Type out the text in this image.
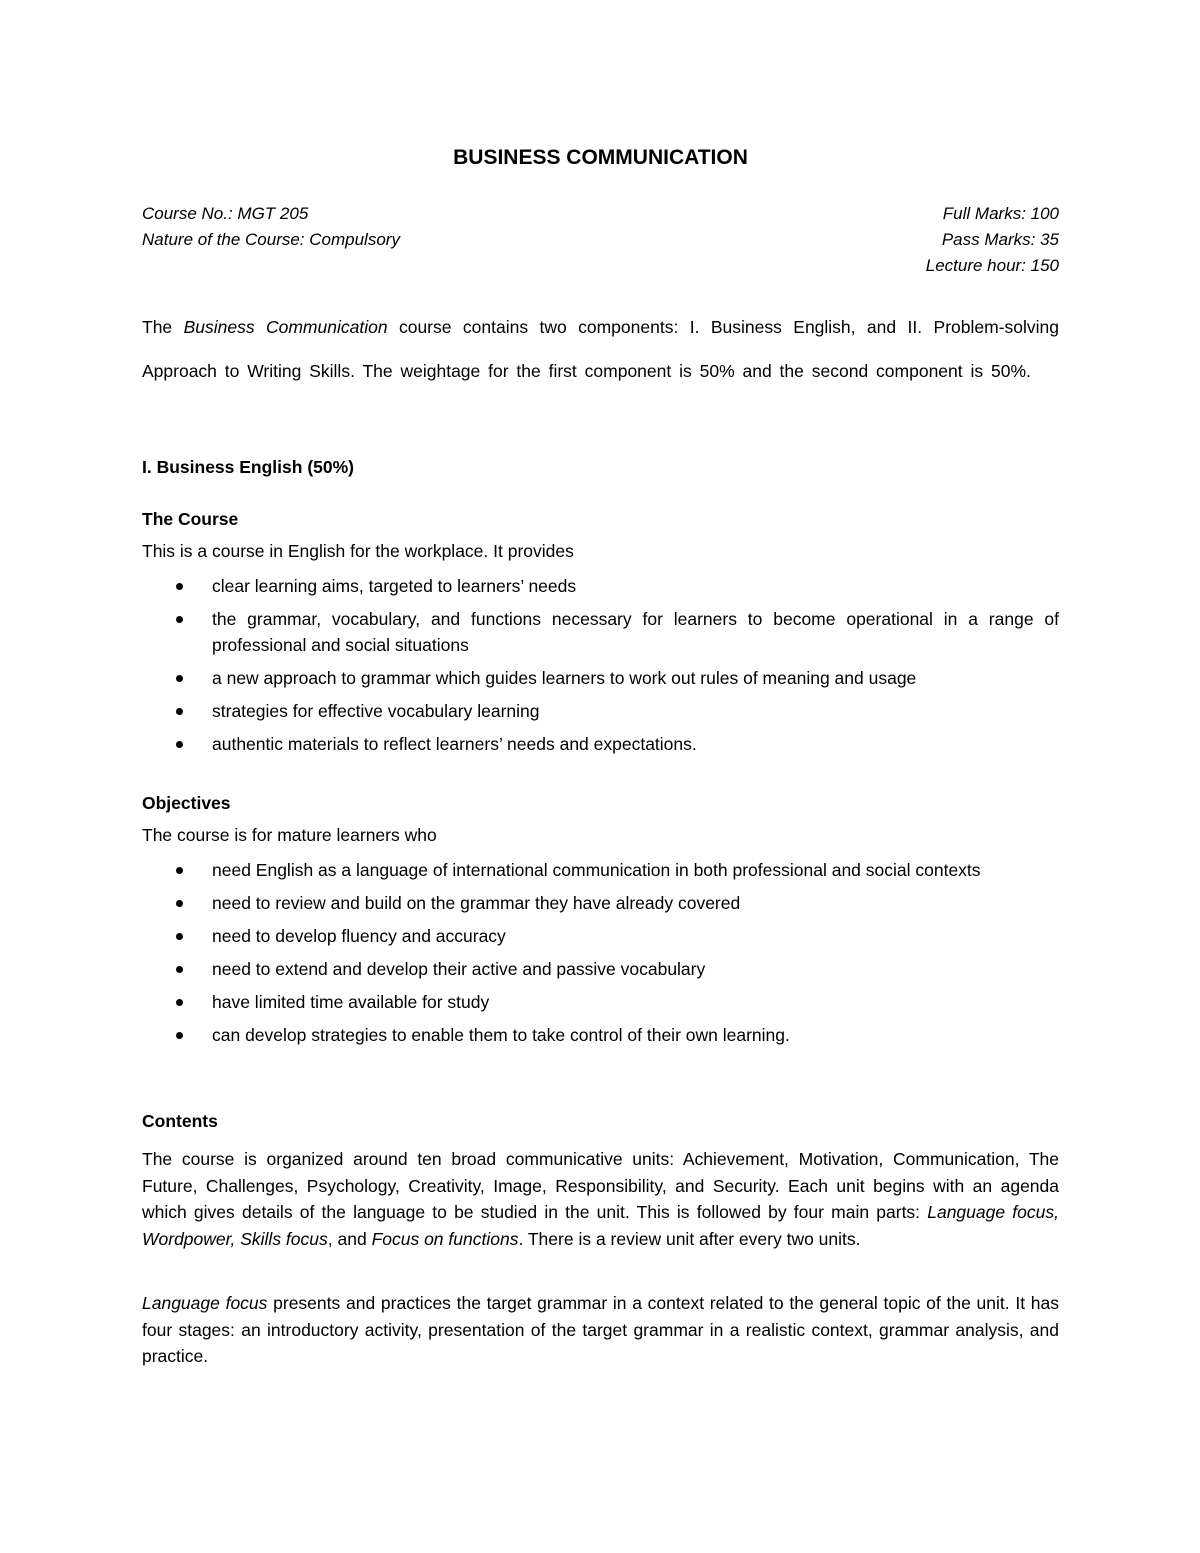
BUSINESS COMMUNICATION
Course No.: MGT 205	Full Marks: 100
Nature of the Course: Compulsory	Pass Marks: 35
Lecture hour: 150
The Business Communication course contains two components: I. Business English, and II. Problem-solving Approach to Writing Skills. The weightage for the first component is 50% and the second component is 50%.
I. Business English (50%)
The Course
This is a course in English for the workplace. It provides
clear learning aims, targeted to learners’ needs
the grammar, vocabulary, and functions necessary for learners to become operational in a range of professional and social situations
a new approach to grammar which guides learners to work out rules of meaning and usage
strategies for effective vocabulary learning
authentic materials to reflect learners’ needs and expectations.
Objectives
The course is for mature learners who
need English as a language of international communication in both professional and social contexts
need to review and build on the grammar they have already covered
need to develop fluency and accuracy
need to extend and develop their active and passive vocabulary
have limited time available for study
can develop strategies to enable them to take control of their own learning.
Contents
The course is organized around ten broad communicative units: Achievement, Motivation, Communication, The Future, Challenges, Psychology, Creativity, Image, Responsibility, and Security. Each unit begins with an agenda which gives details of the language to be studied in the unit. This is followed by four main parts: Language focus, Wordpower, Skills focus, and Focus on functions. There is a review unit after every two units.
Language focus presents and practices the target grammar in a context related to the general topic of the unit. It has four stages: an introductory activity, presentation of the target grammar in a realistic context, grammar analysis, and practice.
